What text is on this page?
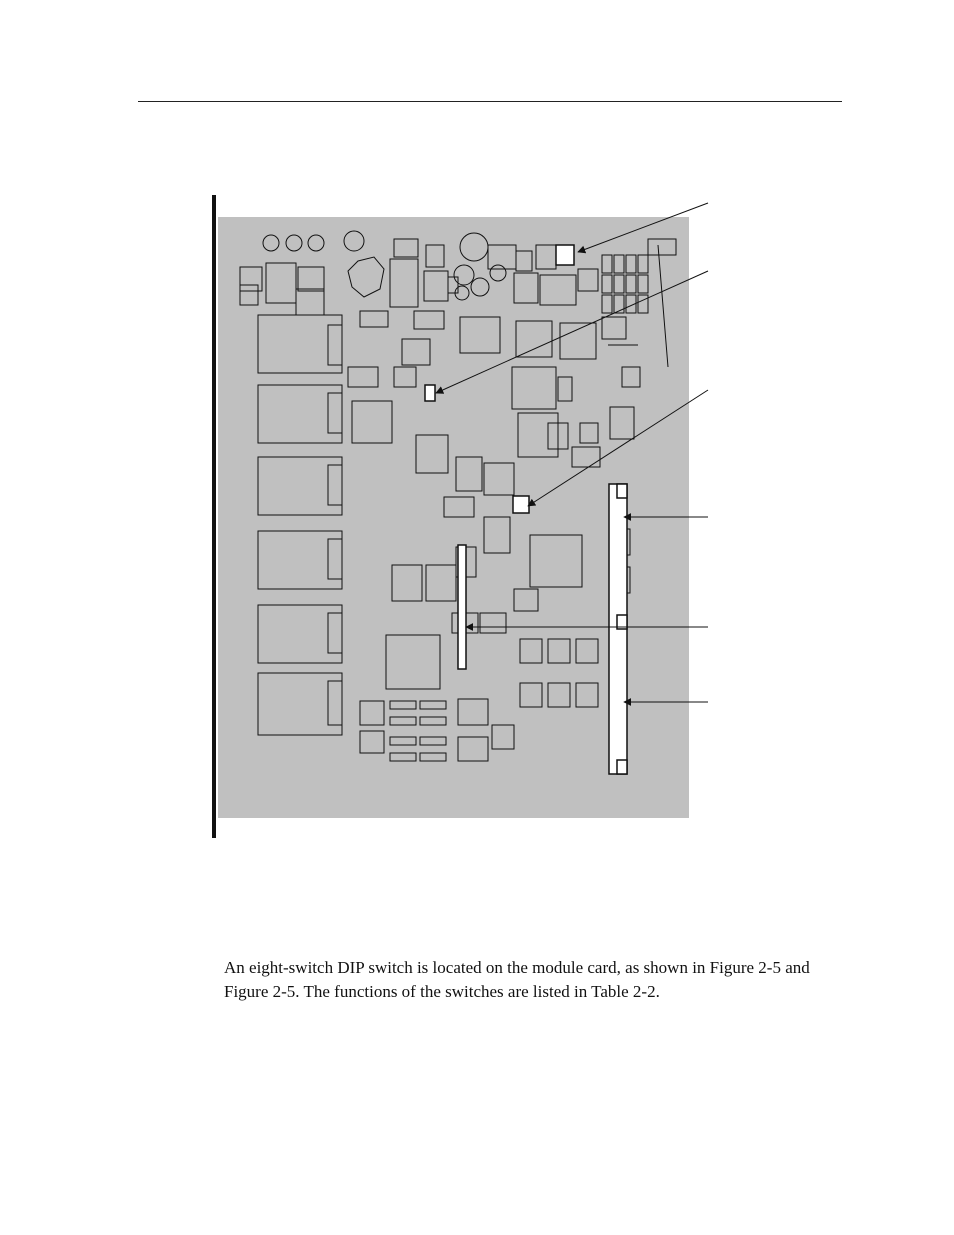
An eight-switch DIP switch is located on the module card, as shown in Figure 2-5 and Figure 2-5. The functions of the switches are listed in Table 2-2.
